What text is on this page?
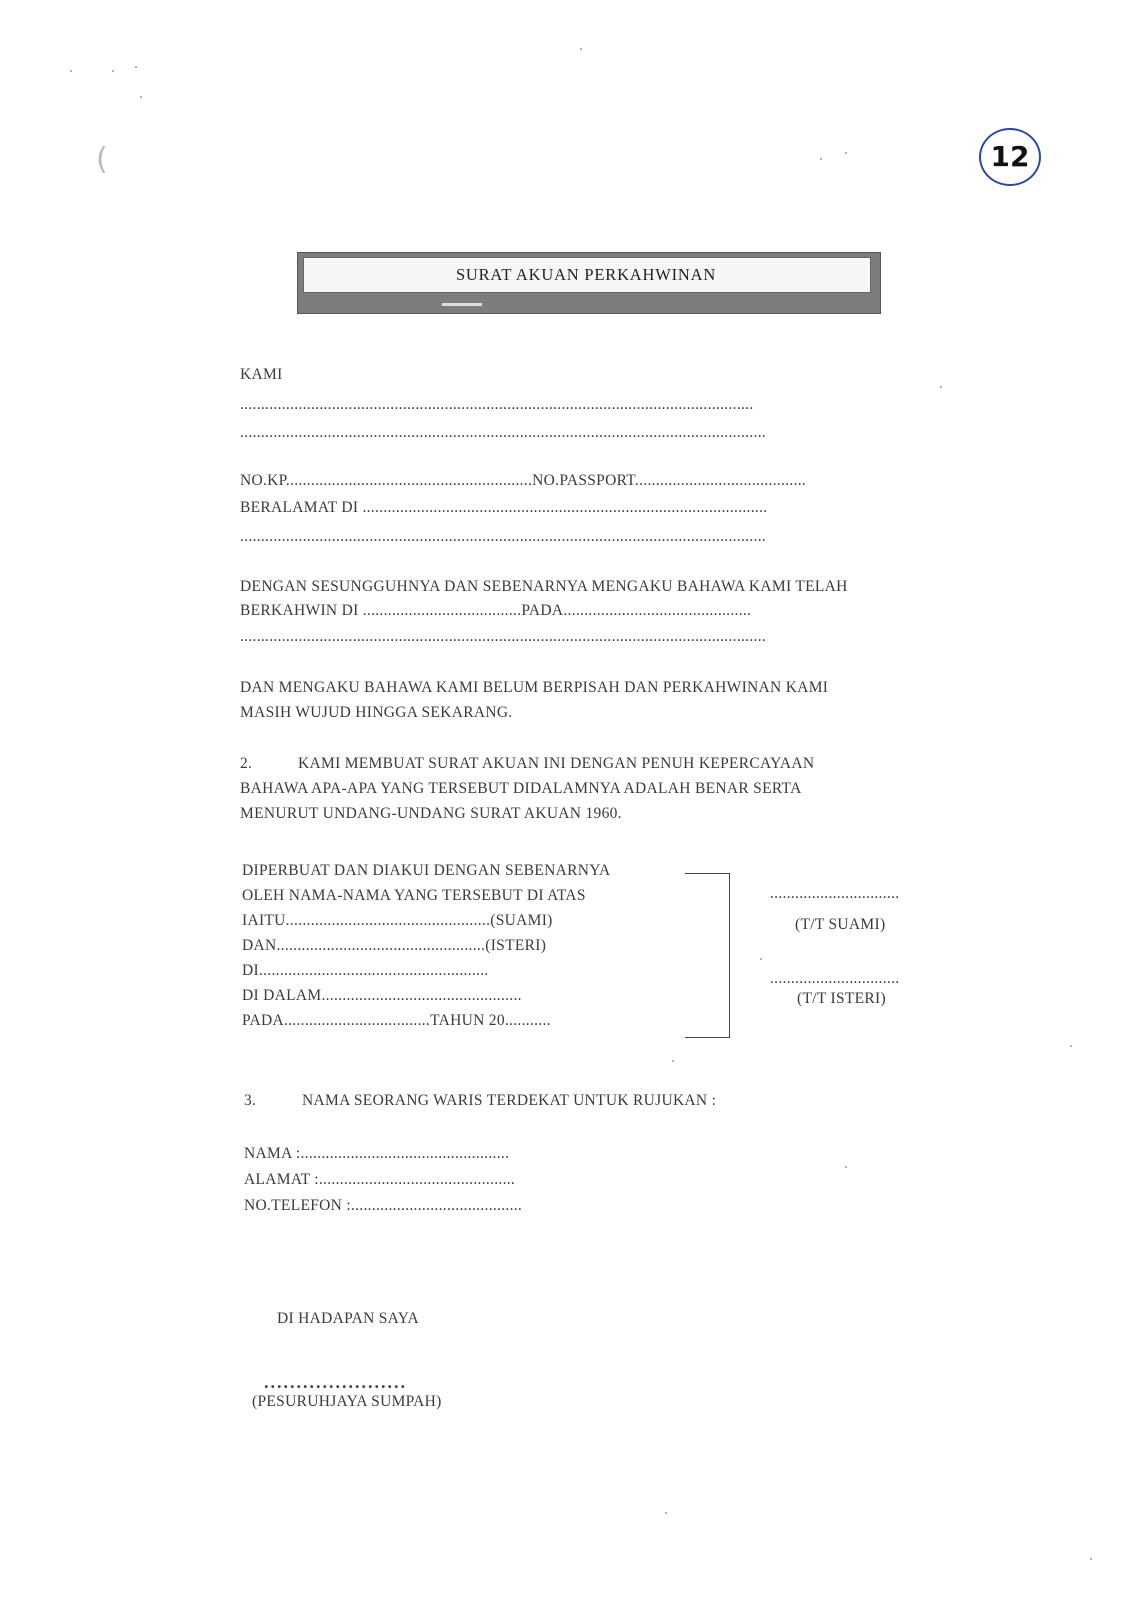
12
(
SURAT AKUAN PERKAHWINAN
KAMI
...........................................................................................................................
..............................................................................................................................
NO.KP...........................................................NO.PASSPORT.........................................
BERALAMAT DI .................................................................................................
..............................................................................................................................
DENGAN SESUNGGUHNYA DAN SEBENARNYA MENGAKU BAHAWA KAMI TELAH
BERKAHWIN DI ......................................PADA.............................................
..............................................................................................................................
DAN MENGAKU BAHAWA KAMI BELUM BERPISAH DAN PERKAHWINAN KAMI
MASIH WUJUD HINGGA SEKARANG.
2.	KAMI MEMBUAT SURAT AKUAN INI DENGAN PENUH KEPERCAYAAN
BAHAWA APA-APA YANG TERSEBUT DIDALAMNYA ADALAH BENAR SERTA
MENURUT UNDANG-UNDANG SURAT AKUAN 1960.
DIPERBUAT DAN DIAKUI DENGAN SEBENARNYA
OLEH NAMA-NAMA YANG TERSEBUT DI ATAS
IAITU.................................................(SUAMI)
DAN..................................................(ISTERI)
DI.......................................................
DI DALAM................................................
PADA...................................TAHUN 20...........
...............................
(T/T SUAMI)
...............................
(T/T ISTERI)
3.	NAMA SEORANG WARIS TERDEKAT UNTUK RUJUKAN :
NAMA :..................................................
ALAMAT :...............................................
NO.TELEFON :.........................................
DI HADAPAN SAYA
......................
(PESURUHJAYA SUMPAH)
